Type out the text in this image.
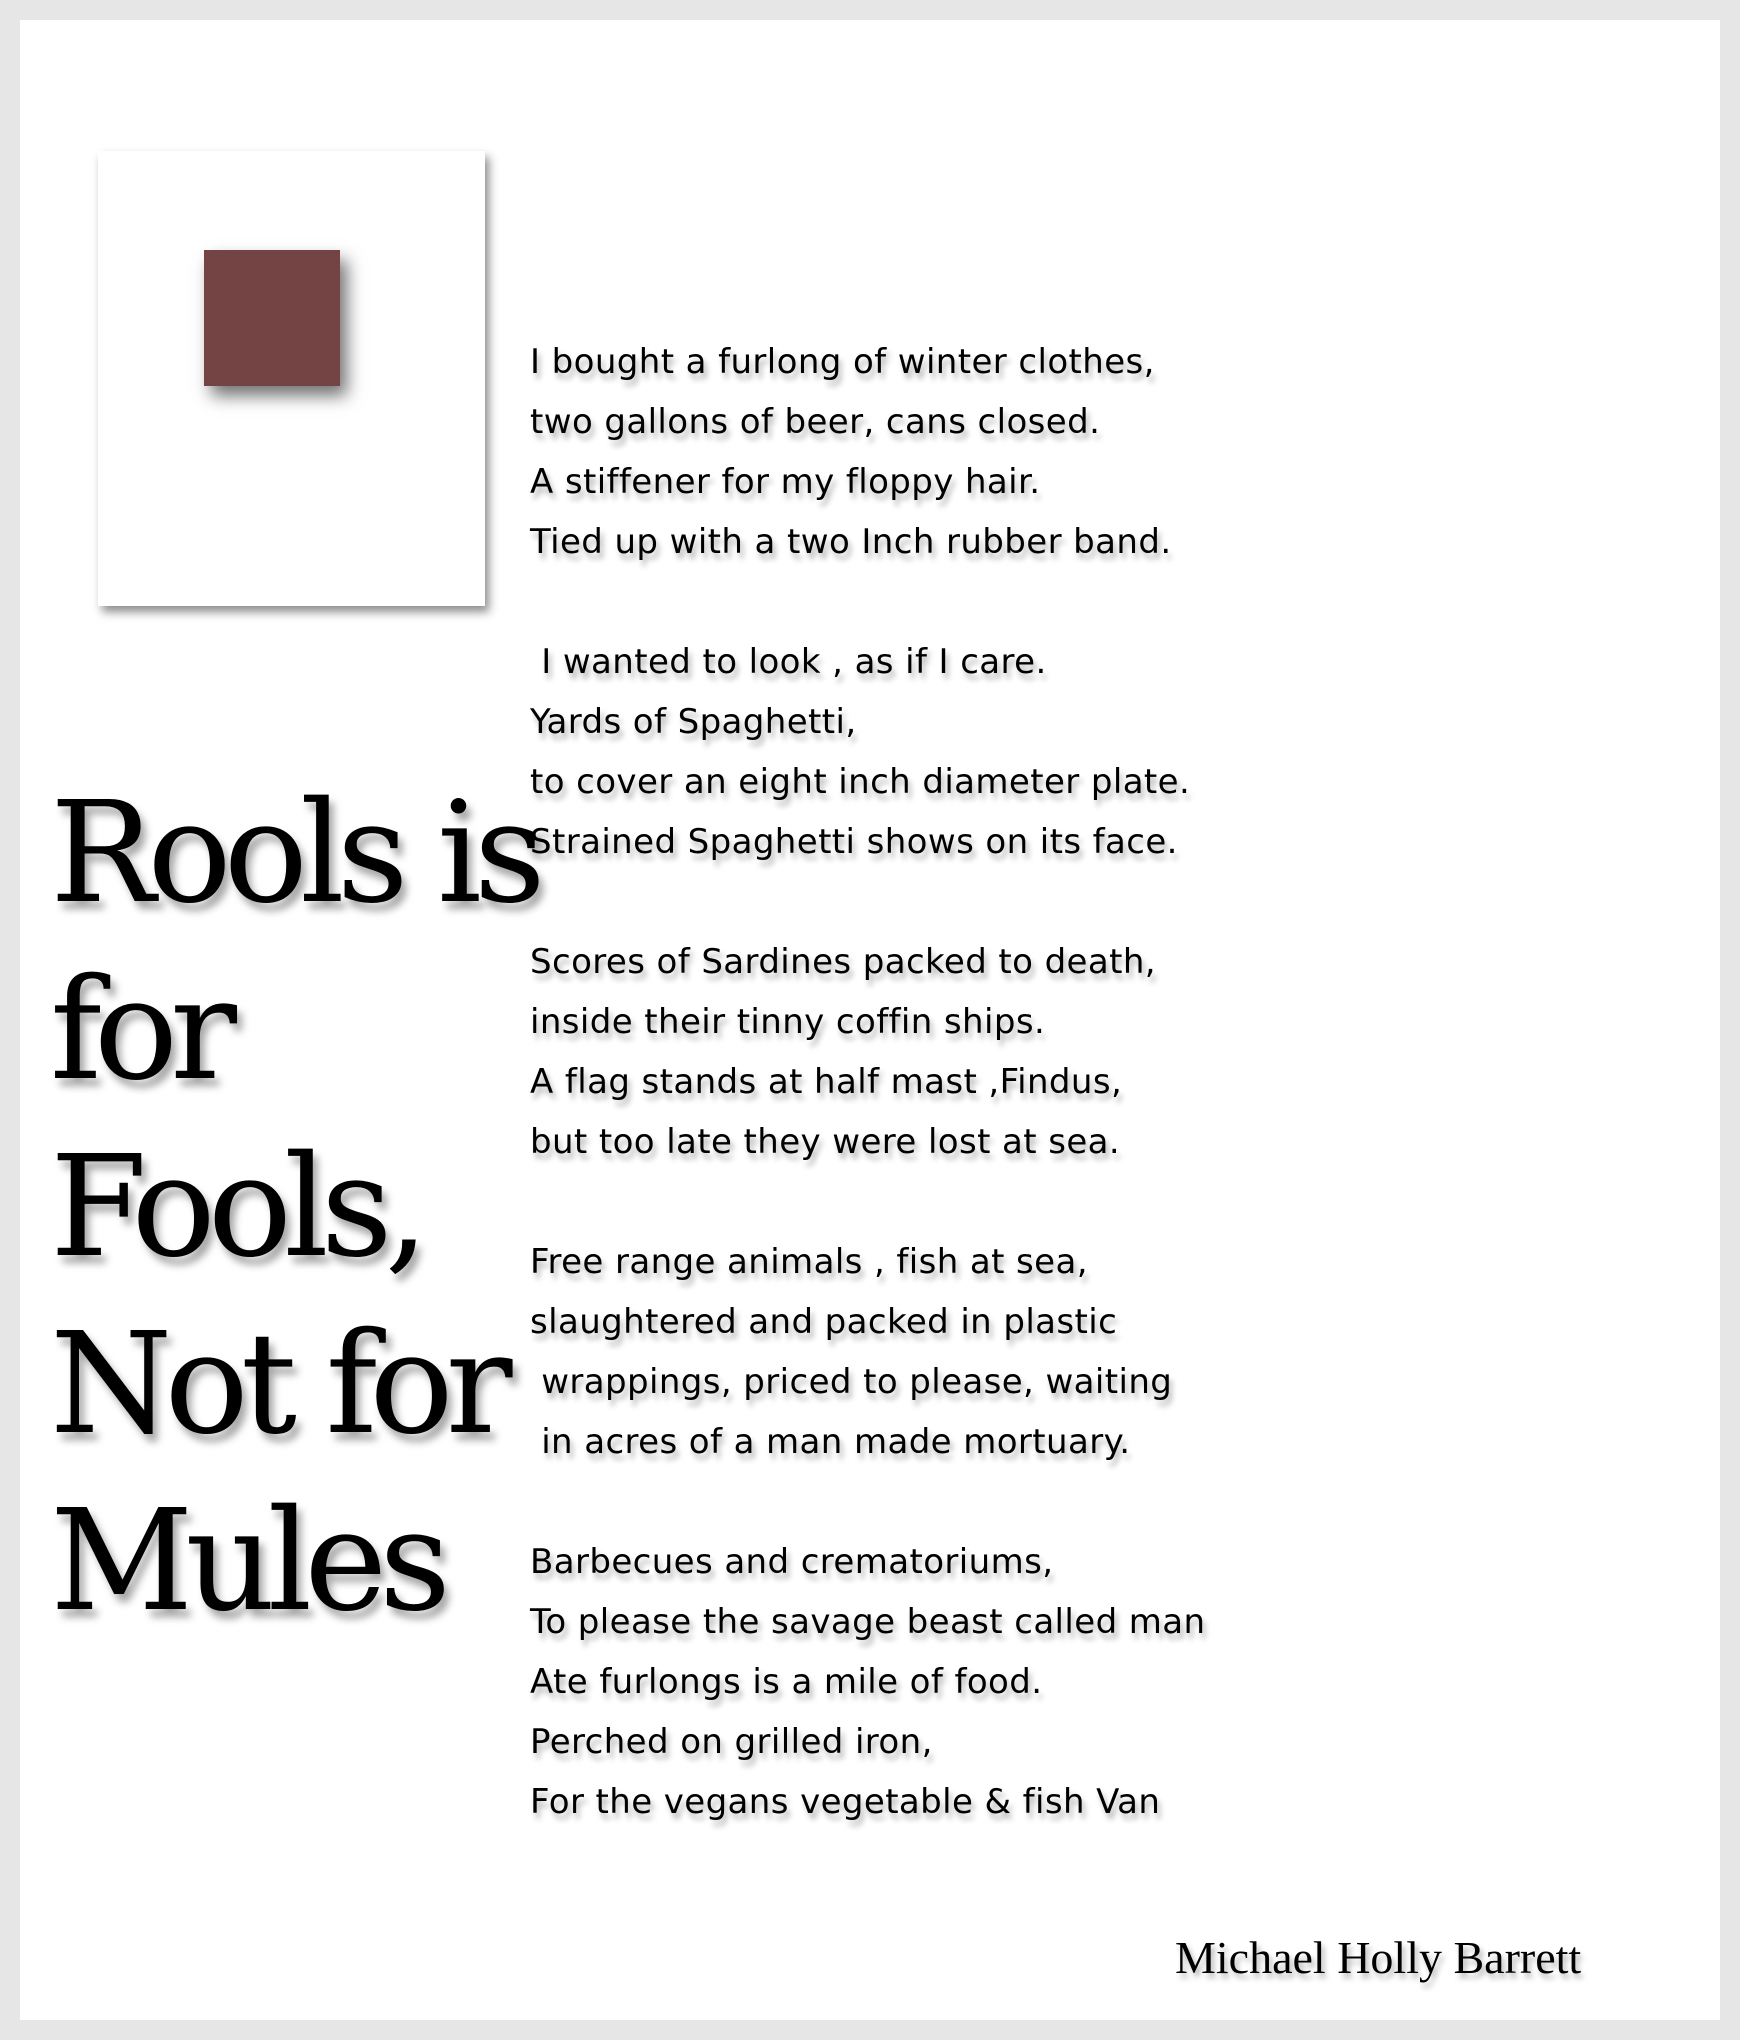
Rools is
for
Fools,
Not for
Mules
I bought a furlong of winter clothes,
two gallons of beer, cans closed.
A stiffener for my floppy hair.
Tied up with a two Inch rubber band.
I wanted to look , as if I care.
Yards of Spaghetti,
to cover an eight inch diameter plate.
Strained Spaghetti shows on its face.
Scores of Sardines packed to death,
inside their tinny coffin ships.
A flag stands at half mast ,Findus,
but too late they were lost at sea.
Free range animals , fish at sea,
slaughtered and packed in plastic
wrappings, priced to please, waiting
in acres of a man made mortuary.
Barbecues and crematoriums,
To please the savage beast called man
Ate furlongs is a mile of food.
Perched on grilled iron,
For the vegans vegetable & fish Van
Michael Holly Barrett
